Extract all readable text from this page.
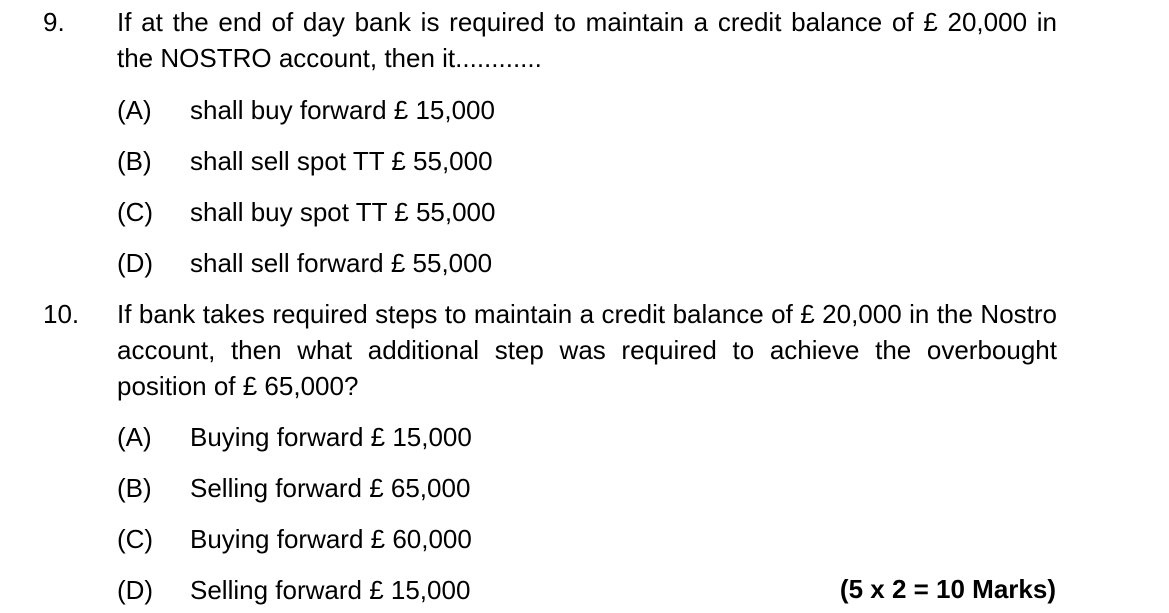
9. If at the end of day bank is required to maintain a credit balance of £ 20,000 in the NOSTRO account, then it............
(A) shall buy forward £ 15,000
(B) shall sell spot TT £ 55,000
(C) shall buy spot TT £ 55,000
(D) shall sell forward £ 55,000
10. If bank takes required steps to maintain a credit balance of £ 20,000 in the Nostro account, then what additional step was required to achieve the overbought position of £ 65,000?
(A) Buying forward £ 15,000
(B) Selling forward £ 65,000
(C) Buying forward £ 60,000
(D) Selling forward £ 15,000	(5 x 2 = 10 Marks)
